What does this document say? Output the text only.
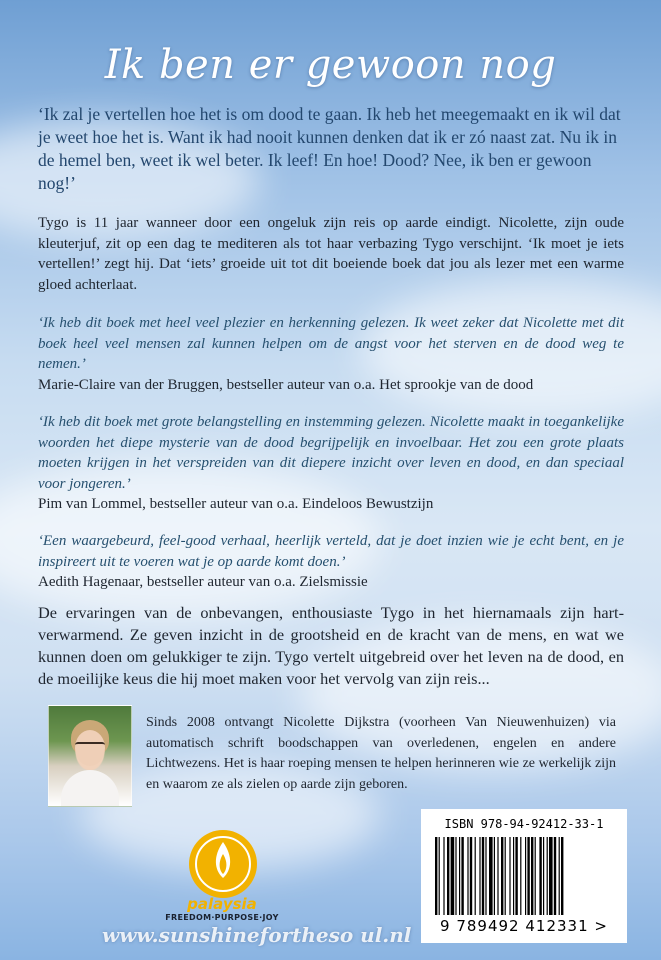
Ik ben er gewoon nog
‘Ik zal je vertellen hoe het is om dood te gaan. Ik heb het meegemaakt en ik wil dat je weet hoe het is. Want ik had nooit kunnen denken dat ik er zó naast zat. Nu ik in de hemel ben, weet ik wel beter. Ik leef! En hoe! Dood? Nee, ik ben er gewoon nog!’
Tygo is 11 jaar wanneer door een ongeluk zijn reis op aarde eindigt. Nicolette, zijn oude kleuterjuf, zit op een dag te mediteren als tot haar verbazing Tygo verschijnt. ‘Ik moet je iets vertellen!’ zegt hij. Dat ‘iets’ groeide uit tot dit boeiende boek dat jou als lezer met een warme gloed achterlaat.
‘Ik heb dit boek met heel veel plezier en herkenning gelezen. Ik weet zeker dat Nicolette met dit boek heel veel mensen zal kunnen helpen om de angst voor het sterven en de dood weg te nemen.’
Marie-Claire van der Bruggen, bestseller auteur van o.a. Het sprookje van de dood
‘Ik heb dit boek met grote belangstelling en instemming gelezen. Nicolette maakt in toegankelijke woorden het diepe mysterie van de dood begrijpelijk en invoelbaar. Het zou een grote plaats moeten krijgen in het verspreiden van dit diepere inzicht over leven en dood, en dan speciaal voor jongeren.’
Pim van Lommel, bestseller auteur van o.a. Eindeloos Bewustzijn
‘Een waargebeurd, feel-good verhaal, heerlijk verteld, dat je doet inzien wie je echt bent, en je inspireert uit te voeren wat je op aarde komt doen.’
Aedith Hagenaar, bestseller auteur van o.a. Zielsmissie
De ervaringen van de onbevangen, enthousiaste Tygo in het hiernamaals zijn hart-verwarmend. Ze geven inzicht in de grootsheid en de kracht van de mens, en wat we kunnen doen om gelukkiger te zijn. Tygo vertelt uitgebreid over het leven na de dood, en de moeilijke keus die hij moet maken voor het vervolg van zijn reis...
Sinds 2008 ontvangt Nicolette Dijkstra (voorheen Van Nieuwenhuizen) via automatisch schrift boodschappen van overledenen, engelen en andere Lichtwezens. Het is haar roeping mensen te helpen herinneren wie ze werkelijk zijn en waarom ze als zielen op aarde zijn geboren.
ISBN 978-94-92412-33-1
9 789492 412331 >
palaysia
FREEDOM·PURPOSE·JOY
www.sunshinefortheso ul.nl
